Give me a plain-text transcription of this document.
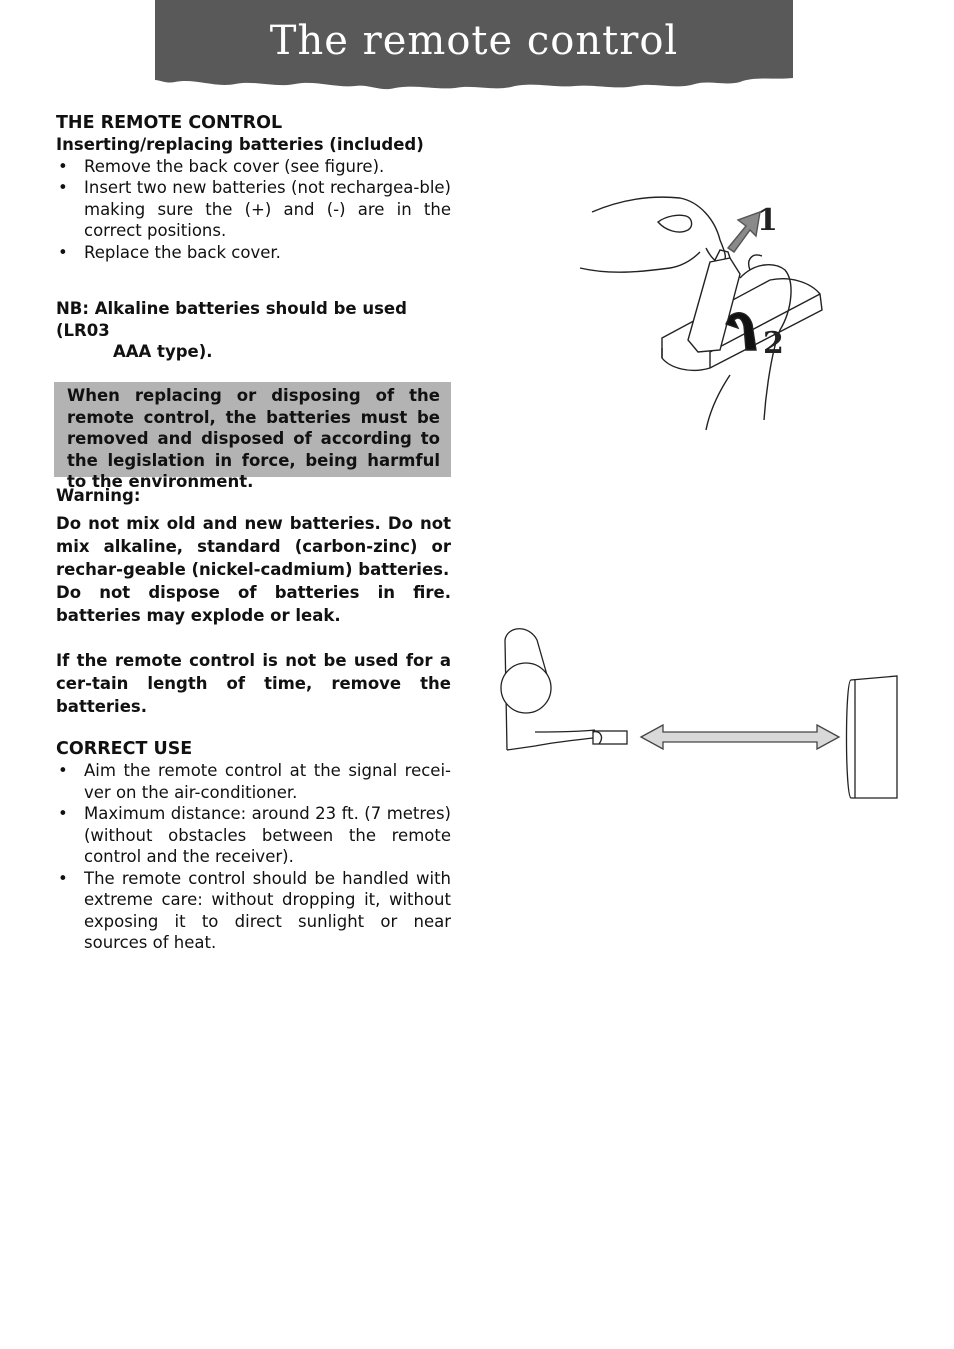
The remote control
THE REMOTE CONTROL
Inserting/replacing batteries (included)
• Remove the back cover (see figure).
• Insert two new batteries (not rechargea-ble) making sure the (+) and (-) are in the correct positions.
• Replace the back cover.
NB: Alkaline batteries should be used (LR03
AAA type).
When replacing or disposing of the remote control, the batteries must be removed and disposed of according to the legislation in force, being harmful to the environment.
Warning:
Do not mix old and new batteries. Do not mix alkaline, standard (carbon-zinc) or rechar-geable (nickel-cadmium) batteries.
Do not dispose of batteries in fire. batteries may explode or leak.
If the remote control is not be used for a cer-tain length of time, remove the batteries.
CORRECT USE
• Aim the remote control at the signal recei-ver on the air-conditioner.
• Maximum distance: around 23 ft. (7 metres) (without obstacles between the remote control and the receiver).
• The remote control should be handled with extreme care: without dropping it, without exposing it to direct sunlight or near sources of heat.
1
2
